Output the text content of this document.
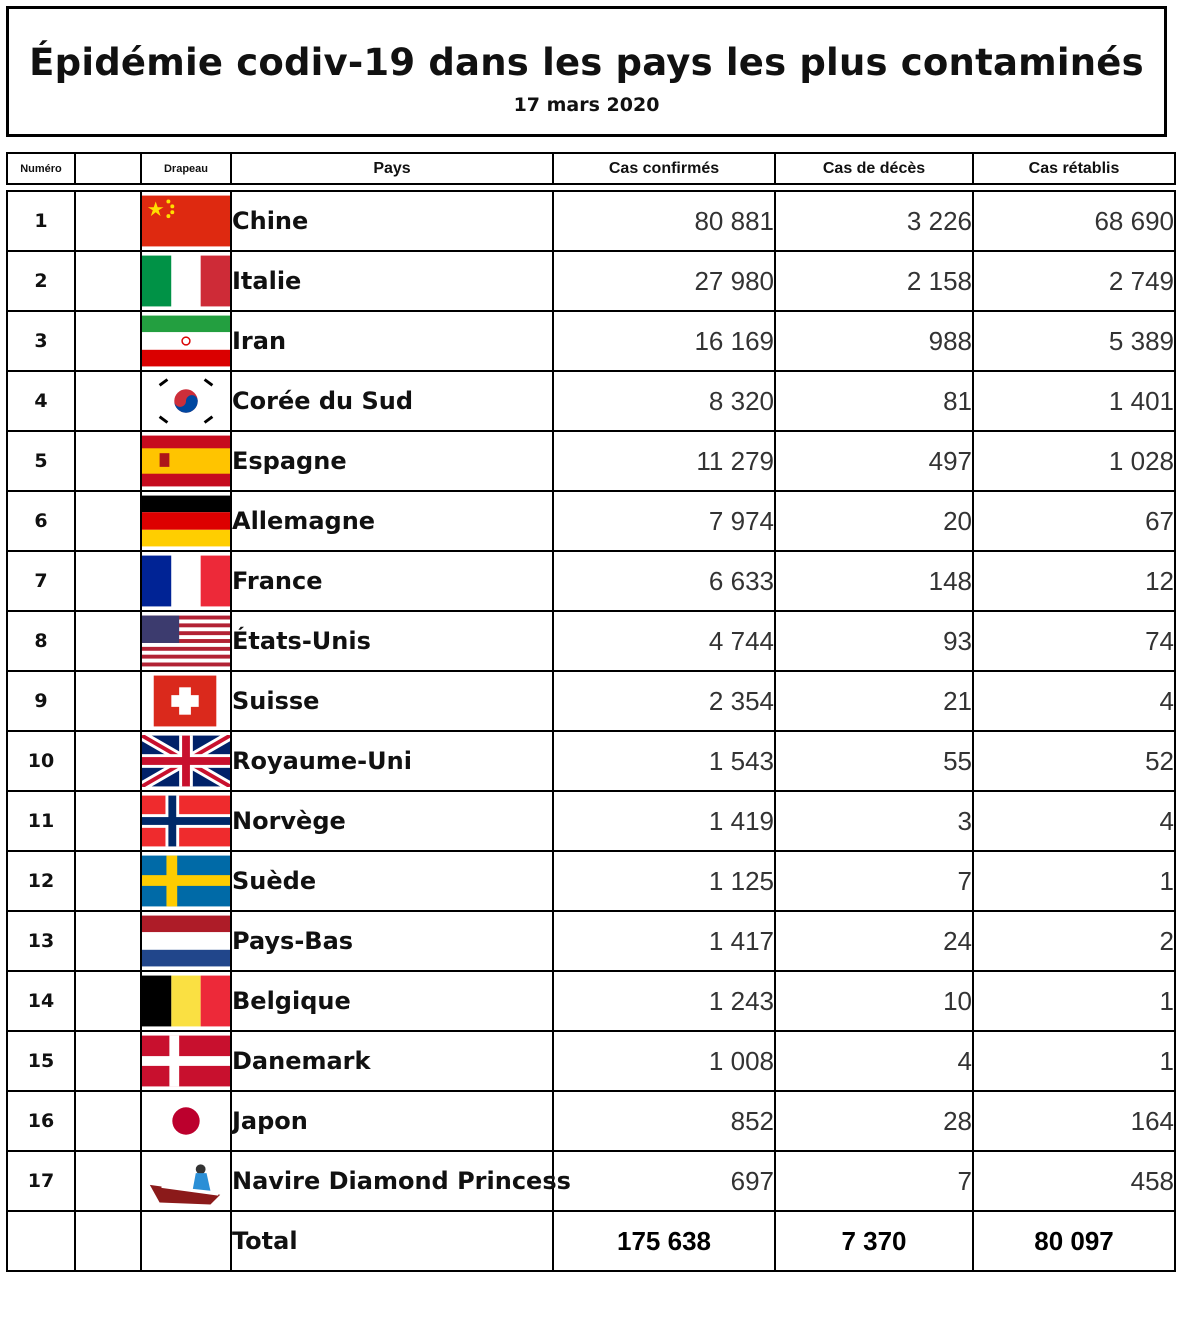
Épidémie codiv-19 dans les pays les plus contaminés
17 mars 2020
Numéro		Drapeau	Pays	Cas confirmés	Cas de décès	Cas rétablis

1			Chine	80 881	3 226	68 690
2			Italie	27 980	2 158	2 749
3			Iran	16 169	988	5 389
4			Corée du Sud	8 320	81	1 401
5			Espagne	11 279	497	1 028
6			Allemagne	7 974	20	67
7			France	6 633	148	12
8			États-Unis	4 744	93	74
9			Suisse	2 354	21	4
10			Royaume-Uni	1 543	55	52
11			Norvège	1 419	3	4
12			Suède	1 125	7	1
13			Pays-Bas	1 417	24	2
14			Belgique	1 243	10	1
15			Danemark	1 008	4	1
16			Japon	852	28	164
17			Navire Diamond Princess	697	7	458
			Total	175 638	7 370	80 097
